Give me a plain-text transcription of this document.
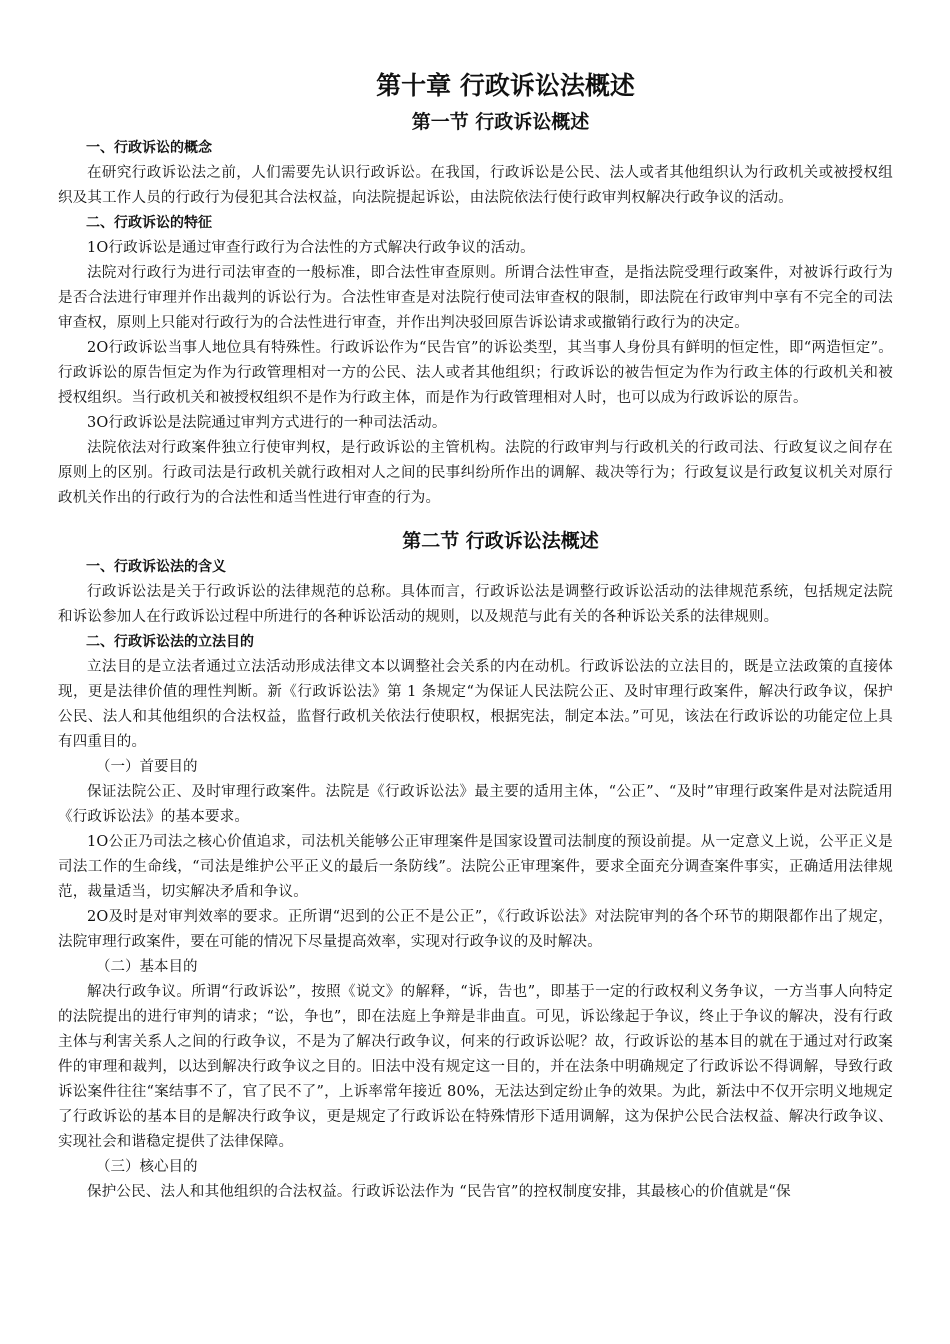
第十章 行政诉讼法概述
第一节 行政诉讼概述
一、行政诉讼的概念

在研究行政诉讼法之前，人们需要先认识行政诉讼。在我国，行政诉讼是公民、法人或者其他组织认为行政机关或被授权组织及其工作人员的行政行为侵犯其合法权益，向法院提起诉讼，由法院依法行使行政审判权解决行政争议的活动。

二、行政诉讼的特征

1O行政诉讼是通过审查行政行为合法性的方式解决行政争议的活动。

法院对行政行为进行司法审查的一般标准，即合法性审查原则。所谓合法性审查，是指法院受理行政案件，对被诉行政行为是否合法进行审理并作出裁判的诉讼行为。合法性审查是对法院行使司法审查权的限制，即法院在行政审判中享有不完全的司法审查权，原则上只能对行政行为的合法性进行审查，并作出判决驳回原告诉讼请求或撤销行政行为的决定。

2O行政诉讼当事人地位具有特殊性。行政诉讼作为“民告官”的诉讼类型，其当事人身份具有鲜明的恒定性，即“两造恒定”。行政诉讼的原告恒定为作为行政管理相对一方的公民、法人或者其他组织；行政诉讼的被告恒定为作为行政主体的行政机关和被授权组织。当行政机关和被授权组织不是作为行政主体，而是作为行政管理相对人时，也可以成为行政诉讼的原告。

3O行政诉讼是法院通过审判方式进行的一种司法活动。

法院依法对行政案件独立行使审判权，是行政诉讼的主管机构。法院的行政审判与行政机关的行政司法、行政复议之间存在原则上的区别。行政司法是行政机关就行政相对人之间的民事纠纷所作出的调解、裁决等行为；行政复议是行政复议机关对原行政机关作出的行政行为的合法性和适当性进行审查的行为。

第二节 行政诉讼法概述
一、行政诉讼法的含义

行政诉讼法是关于行政诉讼的法律规范的总称。具体而言，行政诉讼法是调整行政诉讼活动的法律规范系统，包括规定法院和诉讼参加人在行政诉讼过程中所进行的各种诉讼活动的规则，以及规范与此有关的各种诉讼关系的法律规则。

二、行政诉讼法的立法目的

立法目的是立法者通过立法活动形成法律文本以调整社会关系的内在动机。行政诉讼法的立法目的，既是立法政策的直接体现，更是法律价值的理性判断。新《行政诉讼法》第 1 条规定“为保证人民法院公正、及时审理行政案件，解决行政争议，保护公民、法人和其他组织的合法权益，监督行政机关依法行使职权，根据宪法，制定本法。”可见，该法在行政诉讼的功能定位上具有四重目的。

（一）首要目的

保证法院公正、及时审理行政案件。法院是《行政诉讼法》最主要的适用主体，“公正”、“及时”审理行政案件是对法院适用《行政诉讼法》的基本要求。

1O公正乃司法之核心价值追求，司法机关能够公正审理案件是国家设置司法制度的预设前提。从一定意义上说，公平正义是司法工作的生命线，“司法是维护公平正义的最后一条防线”。法院公正审理案件，要求全面充分调查案件事实，正确适用法律规范，裁量适当，切实解决矛盾和争议。

2O及时是对审判效率的要求。正所谓“迟到的公正不是公正”，《行政诉讼法》对法院审判的各个环节的期限都作出了规定，法院审理行政案件，要在可能的情况下尽量提高效率，实现对行政争议的及时解决。

（二）基本目的

解决行政争议。所谓“行政诉讼”，按照《说文》的解释，“诉，告也”，即基于一定的行政权利义务争议，一方当事人向特定的法院提出的进行审判的请求；“讼，争也”，即在法庭上争辩是非曲直。可见，诉讼缘起于争议，终止于争议的解决，没有行政主体与利害关系人之间的行政争议，不是为了解决行政争议，何来的行政诉讼呢？故，行政诉讼的基本目的就在于通过对行政案件的审理和裁判，以达到解决行政争议之目的。旧法中没有规定这一目的，并在法条中明确规定了行政诉讼不得调解，导致行政诉讼案件往往“案结事不了，官了民不了”，上诉率常年接近 80%，无法达到定纷止争的效果。为此，新法中不仅开宗明义地规定了行政诉讼的基本目的是解决行政争议，更是规定了行政诉讼在特殊情形下适用调解，这为保护公民合法权益、解决行政争议、实现社会和谐稳定提供了法律保障。

（三）核心目的

保护公民、法人和其他组织的合法权益。行政诉讼法作为 “民告官”的控权制度安排，其最核心的价值就是“保
